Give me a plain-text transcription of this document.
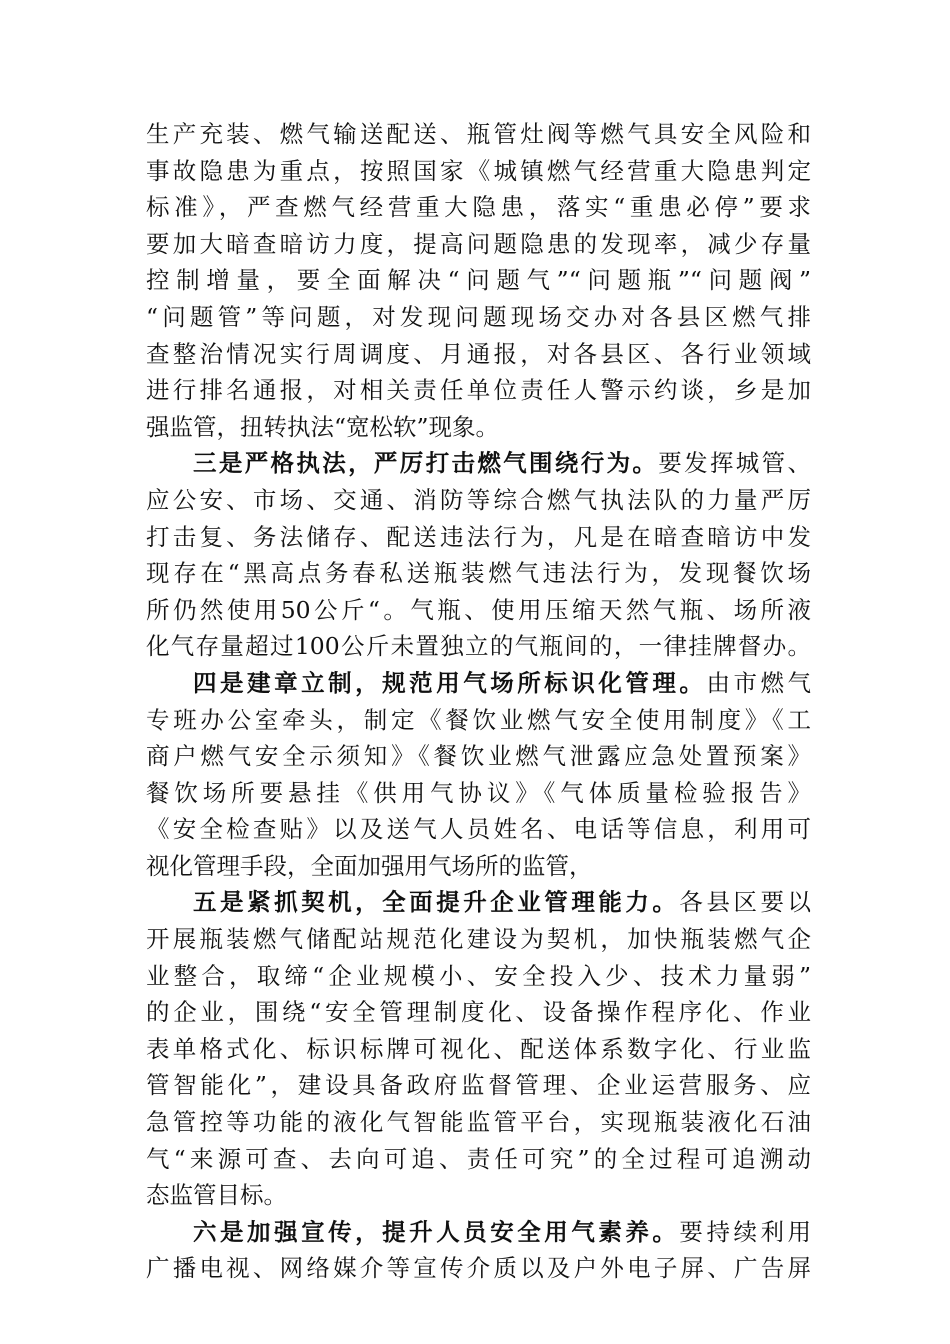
生产充装、燃气输送配送、瓶管灶阀等燃气具安全风险和
事故隐患为重点，按照国家《城镇燃气经营重大隐患判定
标准》，严查燃气经营重大隐患，落实“重患必停”要求
要加大暗查暗访力度，提高问题隐患的发现率，减少存量
控制增量，要全面解决“问题气”“问题瓶”“问题阀”
“问题管”等问题，对发现问题现场交办对各县区燃气排
查整治情况实行周调度、月通报，对各县区、各行业领域
进行排名通报，对相关责任单位责任人警示约谈，乡是加
强监管，扭转执法“宽松软”现象。
三是严格执法，严厉打击燃气围绕行为。要发挥城管、
应公安、市场、交通、消防等综合燃气执法队的力量严厉
打击复、务法储存、配送违法行为，凡是在暗查暗访中发
现存在“黑高点务春私送瓶装燃气违法行为，发现餐饮场
所仍然使用50公斤“。气瓶、使用压缩天然气瓶、场所液
化气存量超过100公斤未置独立的气瓶间的，一律挂牌督办。
四是建章立制，规范用气场所标识化管理。由市燃气
专班办公室牵头，制定《餐饮业燃气安全使用制度》《工
商户燃气安全示须知》《餐饮业燃气泄露应急处置预案》
餐饮场所要悬挂《供用气协议》《气体质量检验报告》
《安全检查贴》以及送气人员姓名、电话等信息，利用可
视化管理手段，全面加强用气场所的监管，
五是紧抓契机，全面提升企业管理能力。各县区要以
开展瓶装燃气储配站规范化建设为契机，加快瓶装燃气企
业整合，取缔“企业规模小、安全投入少、技术力量弱”
的企业，围绕“安全管理制度化、设备操作程序化、作业
表单格式化、标识标牌可视化、配送体系数字化、行业监
管智能化”，建设具备政府监督管理、企业运营服务、应
急管控等功能的液化气智能监管平台，实现瓶装液化石油
气“来源可查、去向可追、责任可究”的全过程可追溯动
态监管目标。
六是加强宣传，提升人员安全用气素养。要持续利用
广播电视、网络媒介等宣传介质以及户外电子屏、广告屏
